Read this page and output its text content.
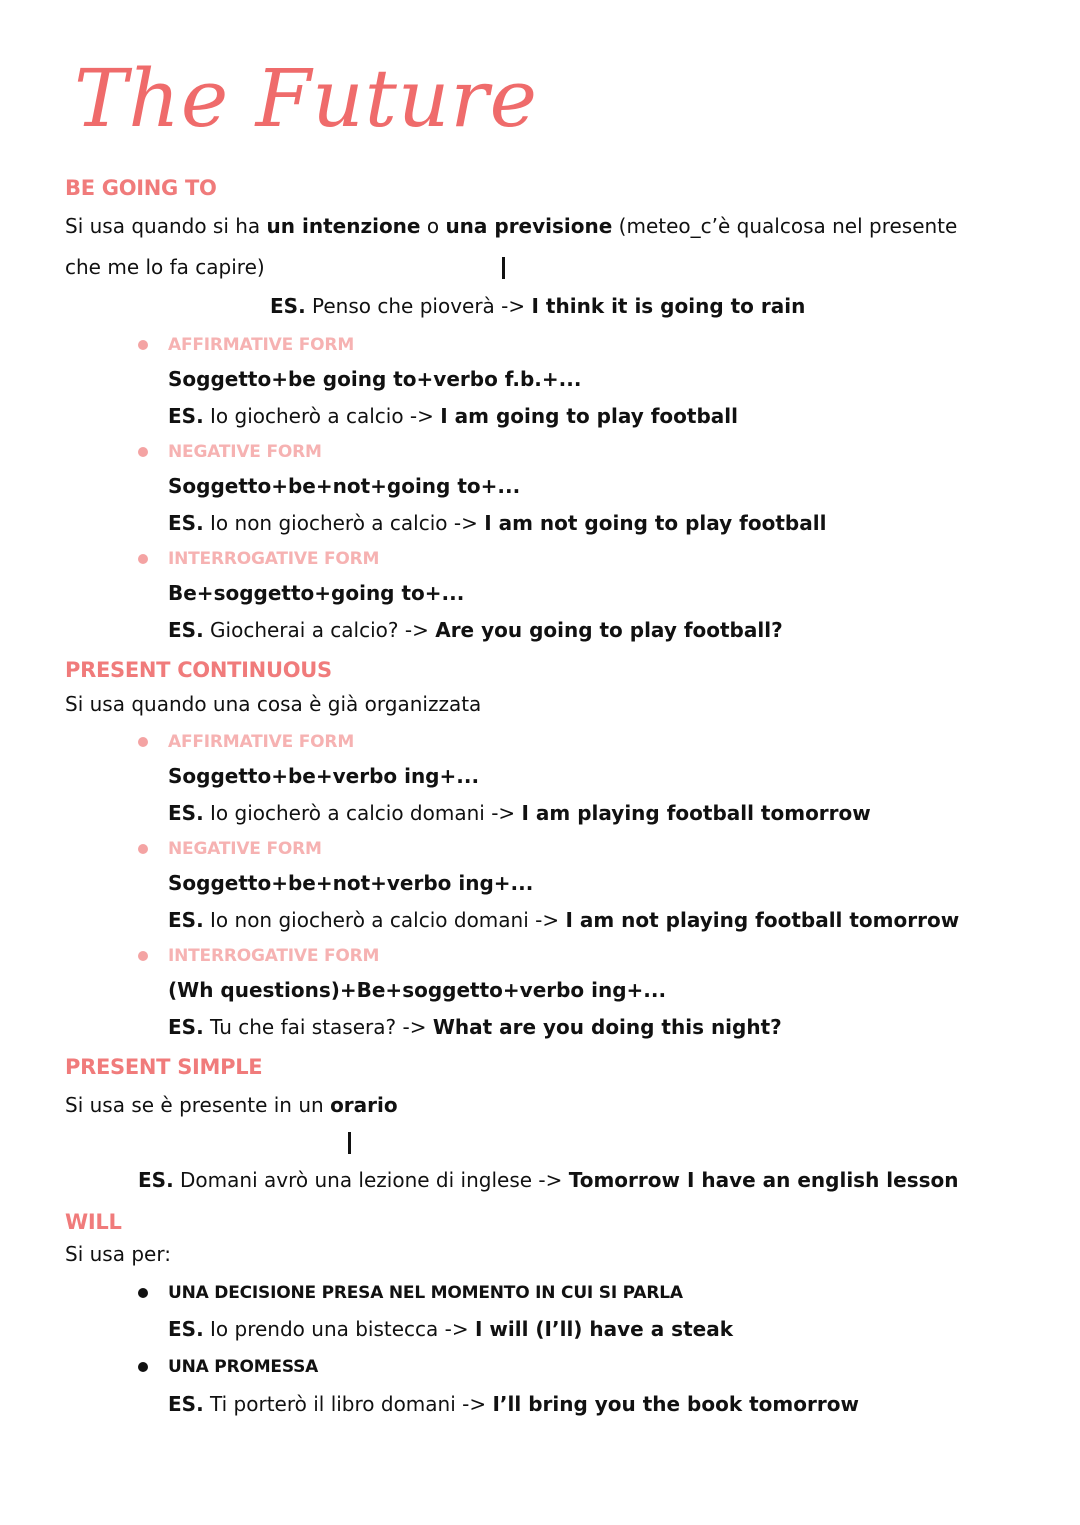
The Future
BE GOING TO
Si usa quando si ha un intenzione o una previsione (meteo_c’è qualcosa nel presente
che me lo fa capire)
ES. Penso che pioverà -> I think it is going to rain
AFFIRMATIVE FORM
Soggetto+be going to+verbo f.b.+...
ES. Io giocherò a calcio -> I am going to play football
NEGATIVE FORM
Soggetto+be+not+going to+...
ES. Io non giocherò a calcio -> I am not going to play football
INTERROGATIVE FORM
Be+soggetto+going to+...
ES. Giocherai a calcio? -> Are you going to play football?
PRESENT CONTINUOUS
Si usa quando una cosa è già organizzata
AFFIRMATIVE FORM
Soggetto+be+verbo ing+...
ES. Io giocherò a calcio domani -> I am playing football tomorrow
NEGATIVE FORM
Soggetto+be+not+verbo ing+...
ES. Io non giocherò a calcio domani -> I am not playing football tomorrow
INTERROGATIVE FORM
(Wh questions)+Be+soggetto+verbo ing+...
ES. Tu che fai stasera? -> What are you doing this night?
PRESENT SIMPLE
Si usa se è presente in un orario
ES. Domani avrò una lezione di inglese -> Tomorrow I have an english lesson
WILL
Si usa per:
UNA DECISIONE PRESA NEL MOMENTO IN CUI SI PARLA
ES. Io prendo una bistecca -> I will (I’ll) have a steak
UNA PROMESSA
ES. Ti porterò il libro domani -> I’ll bring you the book tomorrow
